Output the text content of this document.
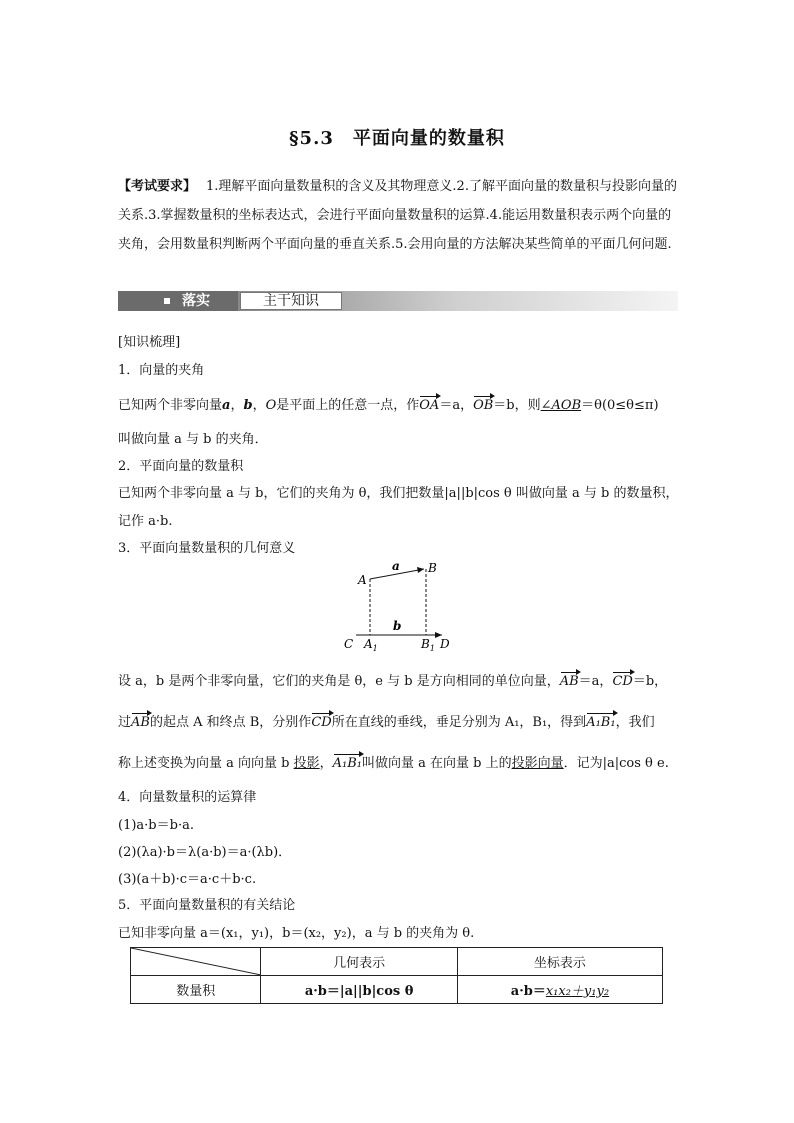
§5.3　平面向量的数量积
【考试要求】 1.理解平面向量数量积的含义及其物理意义.2.了解平面向量的数量积与投影向量的关系.3.掌握数量积的坐标表达式，会进行平面向量数量积的运算.4.能运用数量积表示两个向量的夹角，会用数量积判断两个平面向量的垂直关系.5.会用向量的方法解决某些简单的平面几何问题.
落实	主干知识
[知识梳理]
1．向量的夹角
已知两个非零向量a，b，O是平面上的任意一点，作OA＝a，OB＝b，则∠AOB＝θ(0≤θ≤π)
叫做向量 a 与 b 的夹角．
2．平面向量的数量积
已知两个非零向量 a 与 b，它们的夹角为 θ，我们把数量|a||b|cos θ 叫做向量 a 与 b 的数量积，
记作 a·b.
3．平面向量数量积的几何意义
A
B
a
b
C $A_1$	$B_1$ D
设 a，b 是两个非零向量，它们的夹角是 θ，e 与 b 是方向相同的单位向量，AB＝a，CD＝b，
过AB的起点 A 和终点 B，分别作CD所在直线的垂线，垂足分别为 A₁，B₁，得到A₁B₁，我们
称上述变换为向量 a 向向量 b 投影，A₁B₁叫做向量 a 在向量 b 上的投影向量．记为|a|cos θ e.
4．向量数量积的运算律
(1)a·b＝b·a.
(2)(λa)·b＝λ(a·b)＝a·(λb)．
(3)(a＋b)·c＝a·c＋b·c.
5．平面向量数量积的有关结论
已知非零向量 a＝(x₁，y₁)，b＝(x₂，y₂)，a 与 b 的夹角为 θ.
	几何表示	坐标表示
数量积	a·b＝|a||b|cos θ	a·b＝x₁x₂＋y₁y₂
